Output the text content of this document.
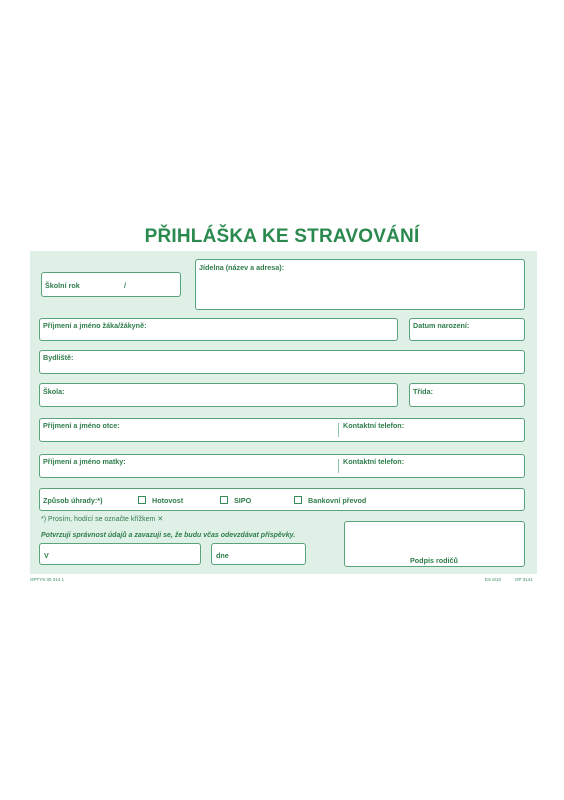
PŘIHLÁŠKA KE STRAVOVÁNÍ
Školní rok	/
Jídelna (název a adresa):
Příjmení a jméno žáka/žákyně:	Datum narození:
Bydliště:
Škola:	Třída:
Příjmení a jméno otce:	Kontaktní telefon:
Příjmení a jméno matky:	Kontaktní telefon:
Způsob úhrady:*)	Hotovost	SIPO	Bankovní převod
*) Prosím, hodící se označte křížkem ✕
Potvrzuji správnost údajů a zavazuji se, že budu včas odevzdávat příspěvky.
V	dne
Podpis rodičů
OPTYS 00 314 1	ES 6/10	OP 3141
